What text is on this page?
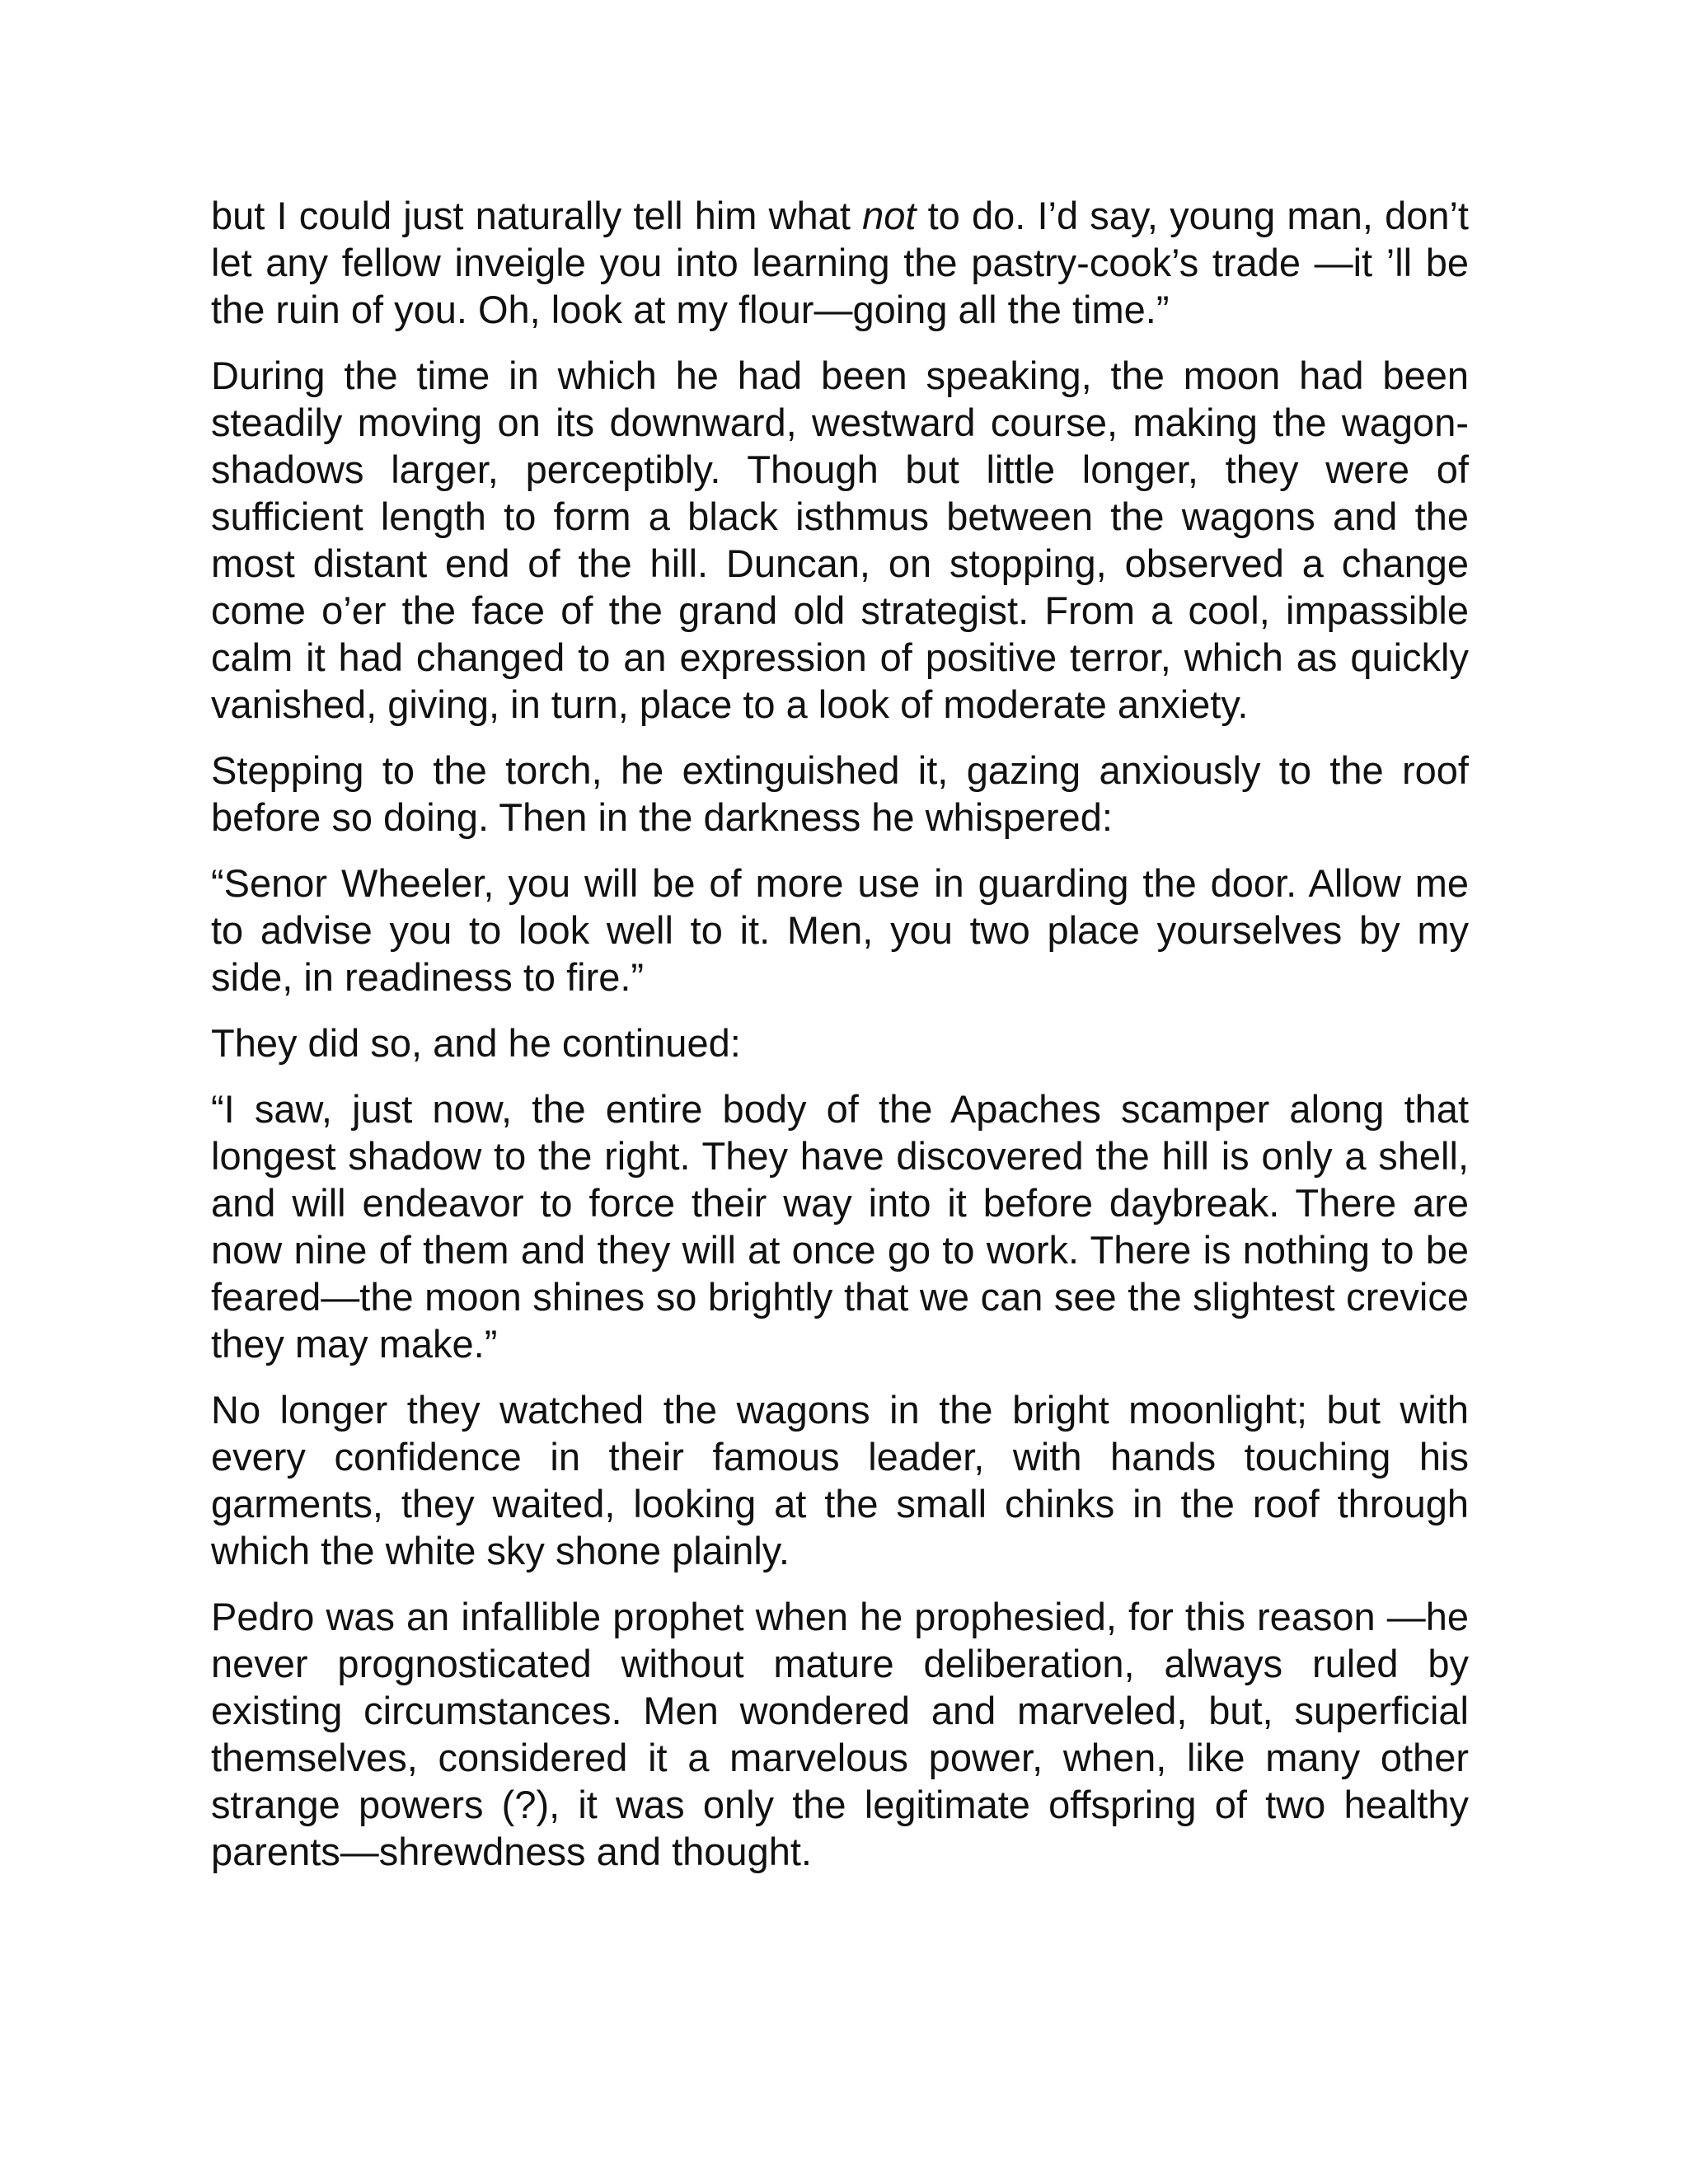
but I could just naturally tell him what not to do. I’d say, young man, don’t let any fellow inveigle you into learning the pastry-cook’s trade —it ’ll be the ruin of you. Oh, look at my flour—going all the time.”

During the time in which he had been speaking, the moon had been steadily moving on its downward, westward course, making the wagon-shadows larger, perceptibly. Though but little longer, they were of sufficient length to form a black isthmus between the wagons and the most distant end of the hill. Duncan, on stopping, observed a change come o’er the face of the grand old strategist. From a cool, impassible calm it had changed to an expression of positive terror, which as quickly vanished, giving, in turn, place to a look of moderate anxiety.

Stepping to the torch, he extinguished it, gazing anxiously to the roof before so doing. Then in the darkness he whispered:

“Senor Wheeler, you will be of more use in guarding the door. Allow me to advise you to look well to it. Men, you two place yourselves by my side, in readiness to fire.”

They did so, and he continued:

“I saw, just now, the entire body of the Apaches scamper along that longest shadow to the right. They have discovered the hill is only a shell, and will endeavor to force their way into it before daybreak. There are now nine of them and they will at once go to work. There is nothing to be feared—the moon shines so brightly that we can see the slightest crevice they may make.”

No longer they watched the wagons in the bright moonlight; but with every confidence in their famous leader, with hands touching his garments, they waited, looking at the small chinks in the roof through which the white sky shone plainly.

Pedro was an infallible prophet when he prophesied, for this reason —he never prognosticated without mature deliberation, always ruled by existing circumstances. Men wondered and marveled, but, superficial themselves, considered it a marvelous power, when, like many other strange powers (?), it was only the legitimate offspring of two healthy parents—shrewdness and thought.
